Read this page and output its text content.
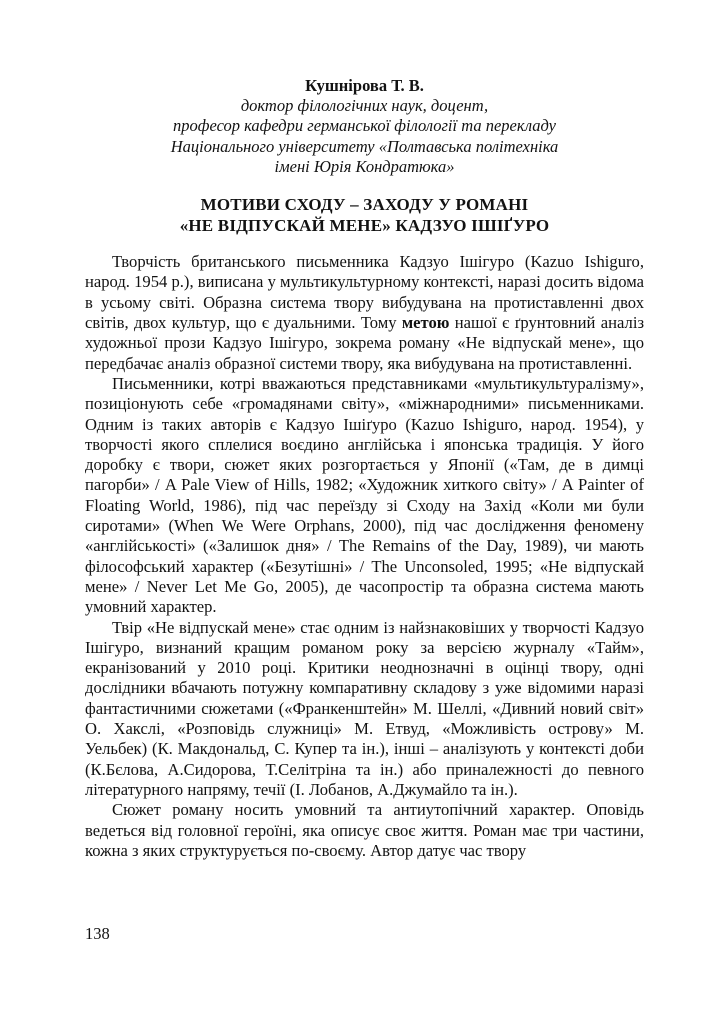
Кушнірова Т. В.
доктор філологічних наук, доцент,
професор кафедри германської філології та перекладу
Національного університету «Полтавська політехніка
імені Юрія Кондратюка»
МОТИВИ СХОДУ – ЗАХОДУ У РОМАНІ
«НЕ ВІДПУСКАЙ МЕНЕ» КАДЗУО ІШІҐУРО

Творчість британського письменника Кадзуо Ішігуро (Kazuo Ishiguro, народ. 1954 р.), виписана у мультикультурному контексті, наразі досить відома в усьому світі. Образна система твору вибудувана на протиставленні двох світів, двох культур, що є дуальними. Тому метою нашої є ґрунтовний аналіз художньої прози Кадзуо Ішігуро, зокрема роману «Не відпускай мене», що передбачає аналіз образної системи твору, яка вибудувана на протиставленні.

Письменники, котрі вважаються представниками «мультикультуралізму», позиціонують себе «громадянами світу», «міжнародними» письменниками. Одним із таких авторів є Кадзуо Ішіґуро (Kazuo Ishiguro, народ. 1954), у творчості якого сплелися воєдино англійська і японська традиція. У його доробку є твори, сюжет яких розгортається у Японії («Там, де в димці пагорби» / A Pale View of Hills, 1982; «Художник хиткого світу» / A Painter of Floating World, 1986), під час переїзду зі Сходу на Захід «Коли ми були сиротами» (When We Were Orphans, 2000), під час дослідження феномену «англійськості» («Залишок дня» / The Remains of the Day, 1989), чи мають філософський характер («Безутішні» / The Unconsoled, 1995; «Не відпускай мене» / Never Let Me Go, 2005), де часопростір та образна система мають умовний характер.

Твір «Не відпускай мене» стає одним із найзнаковіших у творчості Кадзуо Ішігуро, визнаний кращим романом року за версією журналу «Тайм», екранізований у 2010 році. Критики неоднозначні в оцінці твору, одні дослідники вбачають потужну компаративну складову з уже відомими наразі фантастичними сюжетами («Франкенштейн» М. Шеллі, «Дивний новий світ» О. Хакслі, «Розповідь служниці» М. Етвуд, «Можливість острову» М. Уельбек) (К. Макдональд, С. Купер та ін.), інші – аналізують у контексті доби (К.Бєлова, А.Сидорова, Т.Селітріна та ін.) або приналежності до певного літературного напряму, течії (І. Лобанов, А.Джумайло та ін.).

Сюжет роману носить умовний та антиутопічний характер. Оповідь ведеться від головної героїні, яка описує своє життя. Роман має три частини, кожна з яких структурується по-своєму. Автор датує час твору

138
